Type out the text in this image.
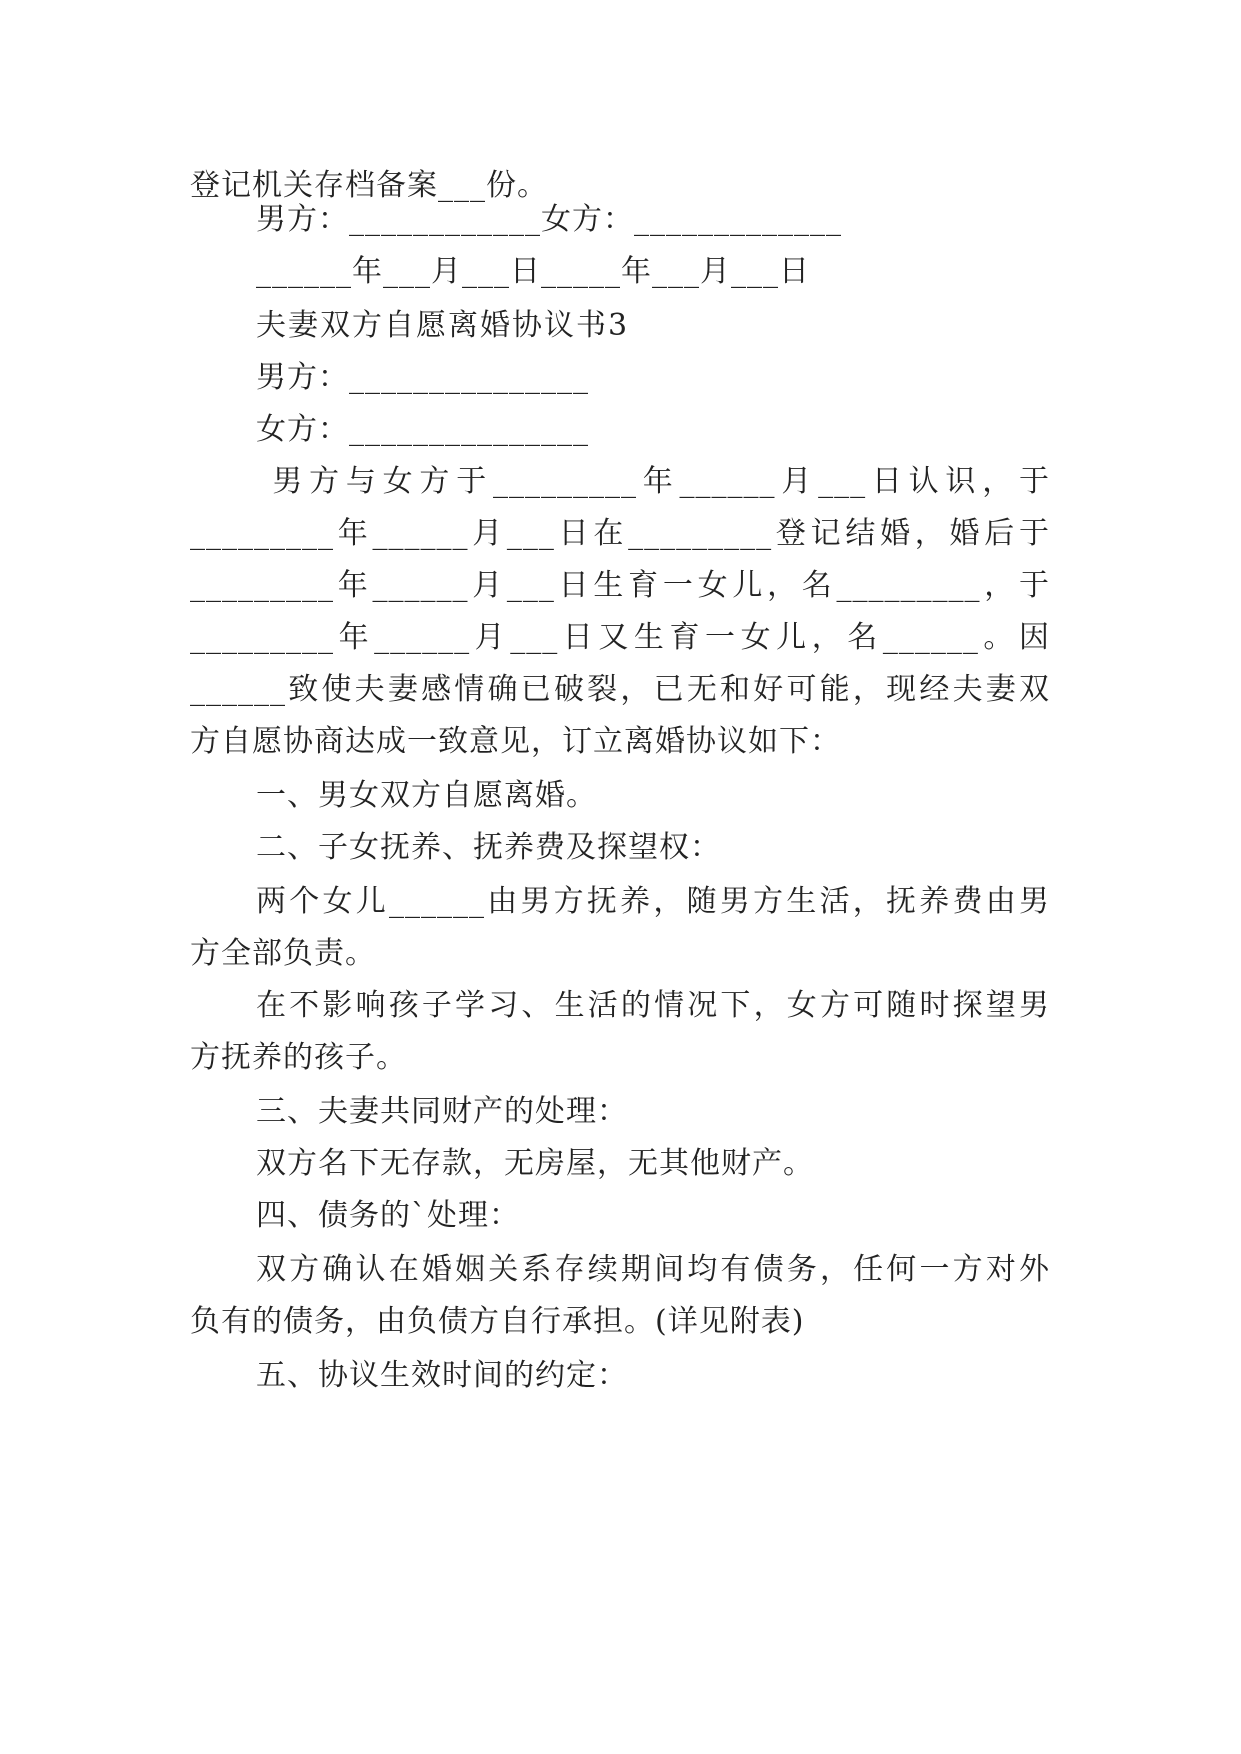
登记机关存档备案___份。
男方：____________女方：_____________
______年___月___日_____年___月___日
夫妻双方自愿离婚协议书3
男方：_______________
女方：_______________
男方与女方于_________年______月___日认识，于
_________年______月___日在_________登记结婚，婚后于
_________年______月___日生育一女儿，名_________，于
_________年______月___日又生育一女儿，名______。因
______致使夫妻感情确已破裂，已无和好可能，现经夫妻双
方自愿协商达成一致意见，订立离婚协议如下：
一、男女双方自愿离婚。
二、子女抚养、抚养费及探望权：
两个女儿______由男方抚养，随男方生活，抚养费由男
方全部负责。
在不影响孩子学习、生活的情况下，女方可随时探望男
方抚养的孩子。
三、夫妻共同财产的处理：
双方名下无存款，无房屋，无其他财产。
四、债务的`处理：
双方确认在婚姻关系存续期间均有债务，任何一方对外
负有的债务，由负债方自行承担。(详见附表)
五、协议生效时间的约定：
